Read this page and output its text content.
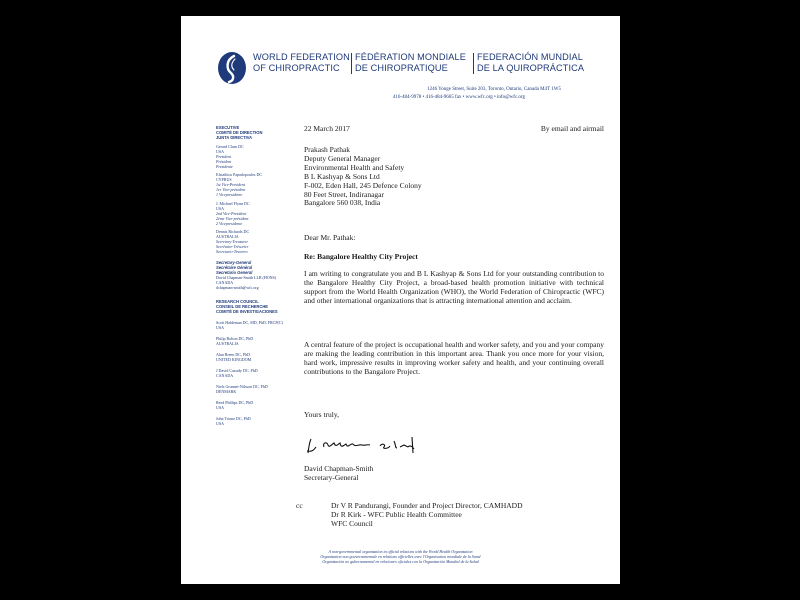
WORLD FEDERATION
OF CHIROPRACTIC
FÉDÉRATION MONDIALE
DE CHIROPRATIQUE
FEDERACIÓN MUNDIAL
DE LA QUIROPRÁCTICA
1246 Yonge Street, Suite 203, Toronto, Ontario, Canada M4T 1W5
416-484-9978 • 416-484-9665 fax • www.wfc.org • info@wfc.org
EXECUTIVE
COMITÉ DE DIRECTION
JUNTA DIRECTIVA
Gerard Clum DC
USA
President
Président
Presidente
Efstathios Papadopoulos DC
CYPRUS
1st Vice-President
1er Vice-président
1 Vicepresidente
J. Michael Flynn DC
USA
2nd Vice-President
2ème Vice-président
2 Vicepresidente
Dennis Richards DC
AUSTRALIA
Secretary-Treasurer
Secrétaire-Trésorier
Secretario-Tesorero
Secretary-General
Secrétaire Général
Secretario General
David Chapman-Smith LLB (HONS)
CANADA
dchapman-smith@wfc.org
RESEARCH COUNCIL
CONSEIL DE RECHERCHE
COMITÉ DE INVESTIGACIONES
Scott Haldeman DC, MD, PhD, FRCP(C)
USA
Philip Bolton DC, PhD
AUSTRALIA
Alan Breen DC, PhD
UNITED KINGDOM
J David Cassidy DC, PhD
CANADA
Niels Grunnet-Nilsson DC, PhD
DENMARK
Reed Phillips DC, PhD
USA
John Triano DC, PhD
USA
22 March 2017	By email and airmail
Prakash Pathak
Deputy General Manager
Environmental Health and Safety
B L Kashyap & Sons Ltd
F-002, Eden Hall, 245 Defence Colony
80 Feet Street, Indiranagar
Bangalore 560 038, India
Dear Mr. Pathak:
Re: Bangalore Healthy City Project
I am writing to congratulate you and B L Kashyap & Sons Ltd for your outstanding contribution to the Bangalore Healthy City Project, a broad-based health promotion initiative with technical support from the World Health Organization (WHO), the World Federation of Chiropractic (WFC) and other international organizations that is attracting international attention and acclaim.
A central feature of the project is occupational health and worker safety, and you and your company are making the leading contribution in this important area. Thank you once more for your vision, hard work, impressive results in improving worker safety and health, and your continuing overall contributions to the Bangalore Project.
Yours truly,
David Chapman-Smith
Secretary-General
cc	Dr V R Pandurangi, Founder and Project Director, CAMHADD
Dr R Kirk - WFC Public Health Committee
WFC Council
A non-governmental organization in official relations with the World Health Organization
Organisation non gouvernementale en relations officielles avec l'Organisation mondiale de la Santé
Organización no gubernamental en relaciones oficiales con la Organización Mundial de la Salud
